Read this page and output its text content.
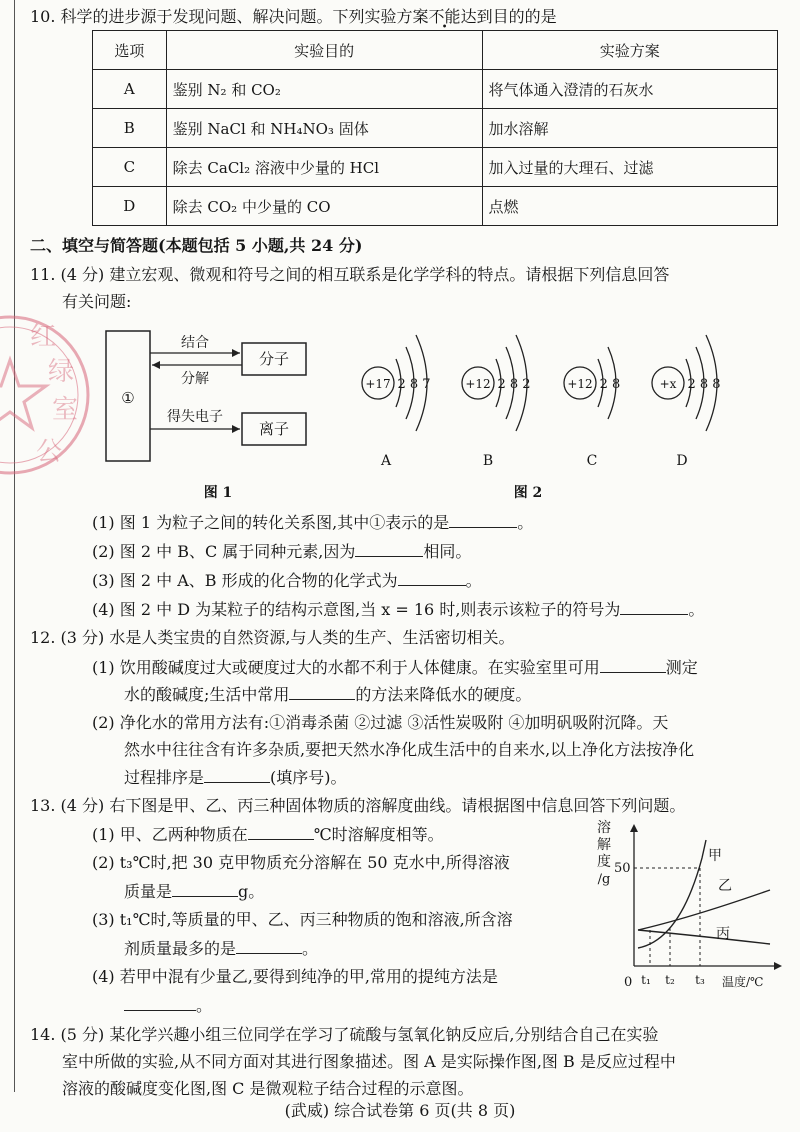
红
绿
室
公
10. 科学的进步源于发现问题、解决问题。下列实验方案不能达到目的的是
选项	实验目的	实验方案
A	鉴别 N₂ 和 CO₂	将气体通入澄清的石灰水
B	鉴别 NaCl 和 NH₄NO₃ 固体	加水溶解
C	除去 CaCl₂ 溶液中少量的 HCl	加入过量的大理石、过滤
D	除去 CO₂ 中少量的 CO	点燃
二、填空与简答题(本题包括 5 小题,共 24 分)
11. (4 分) 建立宏观、微观和符号之间的相互联系是化学学科的特点。请根据下列信息回答
有关问题:
①
分子
离子
结合
分解
得失电子
图 1
+17 2 8 7
A
+12 2 8 2
B
+12 2 8
C
+x 2 8 8
D
图 2
(1) 图 1 为粒子之间的转化关系图,其中①表示的是	。
(2) 图 2 中 B、C 属于同种元素,因为	相同。
(3) 图 2 中 A、B 形成的化合物的化学式为	。
(4) 图 2 中 D 为某粒子的结构示意图,当 x = 16 时,则表示该粒子的符号为	。
12. (3 分) 水是人类宝贵的自然资源,与人类的生产、生活密切相关。
(1) 饮用酸碱度过大或硬度过大的水都不利于人体健康。在实验室里可用	测定
水的酸碱度;生活中常用	的方法来降低水的硬度。
(2) 净化水的常用方法有:①消毒杀菌 ②过滤 ③活性炭吸附 ④加明矾吸附沉降。天
然水中往往含有许多杂质,要把天然水净化成生活中的自来水,以上净化方法按净化
过程排序是	(填序号)。
13. (4 分) 右下图是甲、乙、丙三种固体物质的溶解度曲线。请根据图中信息回答下列问题。
(1) 甲、乙两种物质在	℃时溶解度相等。
(2) t₃℃时,把 30 克甲物质充分溶解在 50 克水中,所得溶液
质量是	g。
(3) t₁℃时,等质量的甲、乙、丙三种物质的饱和溶液,所含溶
剂质量最多的是	。
(4) 若甲中混有少量乙,要得到纯净的甲,常用的提纯方法是
。
溶
解
度
/g
50
0
甲
乙
丙
t₁ t₂ t₃ 温度/℃
14. (5 分) 某化学兴趣小组三位同学在学习了硫酸与氢氧化钠反应后,分别结合自己在实验
室中所做的实验,从不同方面对其进行图象描述。图 A 是实际操作图,图 B 是反应过程中
溶液的酸碱度变化图,图 C 是微观粒子结合过程的示意图。
(武威) 综合试卷第 6 页(共 8 页)
